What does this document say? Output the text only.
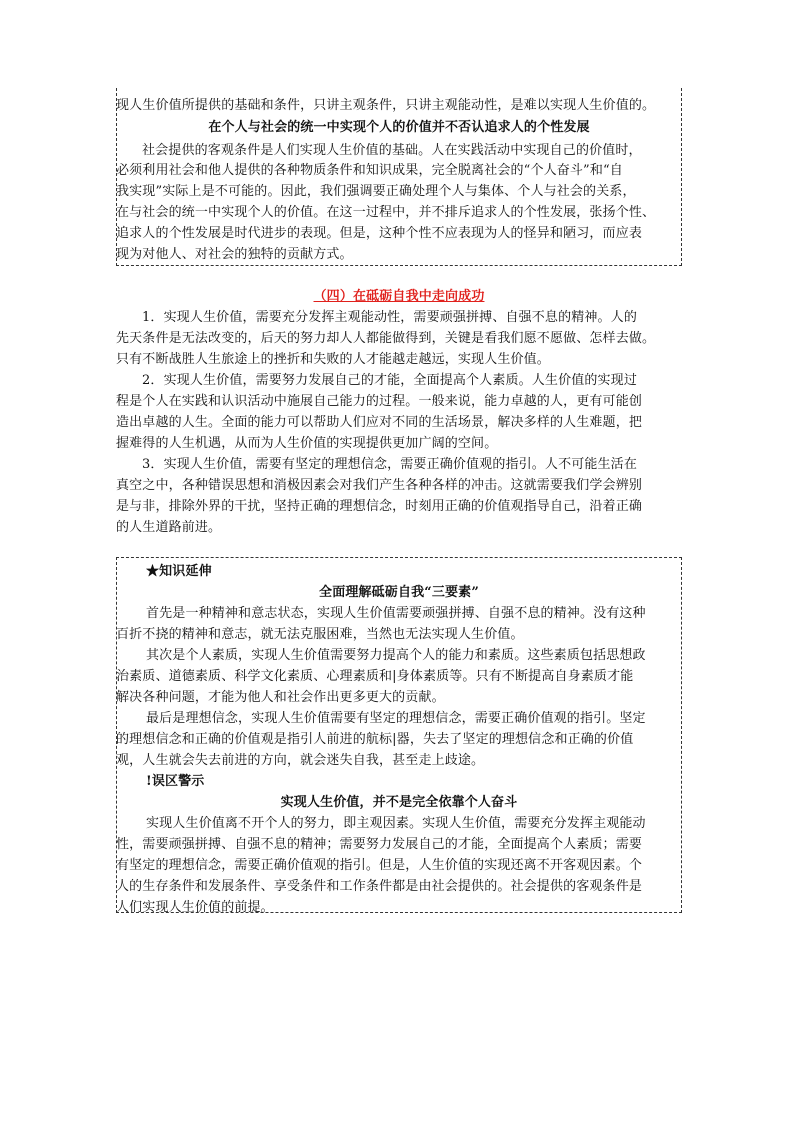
现人生价值所提供的基础和条件，只讲主观条件，只讲主观能动性，是难以实现人生价值的。
在个人与社会的统一中实现个人的价值并不否认追求人的个性发展
社会提供的客观条件是人们实现人生价值的基础。人在实践活动中实现自己的价值时，
必须利用社会和他人提供的各种物质条件和知识成果，完全脱离社会的“个人奋斗”和“自
我实现”实际上是不可能的。因此，我们强调要正确处理个人与集体、个人与社会的关系，
在与社会的统一中实现个人的价值。在这一过程中，并不排斥追求人的个性发展，张扬个性、
追求人的个性发展是时代进步的表现。但是，这种个性不应表现为人的怪异和陋习，而应表
现为对他人、对社会的独特的贡献方式。
（四）在砥砺自我中走向成功
1．实现人生价值，需要充分发挥主观能动性，需要顽强拼搏、自强不息的精神。人的
先天条件是无法改变的，后天的努力却人人都能做得到，关键是看我们愿不愿做、怎样去做。
只有不断战胜人生旅途上的挫折和失败的人才能越走越远，实现人生价值。
2．实现人生价值，需要努力发展自己的才能，全面提高个人素质。人生价值的实现过
程是个人在实践和认识活动中施展自己能力的过程。一般来说，能力卓越的人，更有可能创
造出卓越的人生。全面的能力可以帮助人们应对不同的生活场景，解决多样的人生难题，把
握难得的人生机遇，从而为人生价值的实现提供更加广阔的空间。
3．实现人生价值，需要有坚定的理想信念，需要正确价值观的指引。人不可能生活在
真空之中，各种错误思想和消极因素会对我们产生各种各样的冲击。这就需要我们学会辨别
是与非，排除外界的干扰，坚持正确的理想信念，时刻用正确的价值观指导自己，沿着正确
的人生道路前进。
★知识延伸
全面理解砥砺自我“三要素”
首先是一种精神和意志状态，实现人生价值需要顽强拼搏、自强不息的精神。没有这种
百折不挠的精神和意志，就无法克服困难，当然也无法实现人生价值。
其次是个人素质，实现人生价值需要努力提高个人的能力和素质。这些素质包括思想政
治素质、道德素质、科学文化素质、心理素质和|身体素质等。只有不断提高自身素质才能
解决各种问题，才能为他人和社会作出更多更大的贡献。
最后是理想信念，实现人生价值需要有坚定的理想信念，需要正确价值观的指引。坚定
的理想信念和正确的价值观是指引人前进的航标|器，失去了坚定的理想信念和正确的价值
观，人生就会失去前进的方向，就会迷失自我，甚至走上歧途。
!误区警示
实现人生价值，并不是完全依靠个人奋斗
实现人生价值离不开个人的努力，即主观因素。实现人生价值，需要充分发挥主观能动
性，需要顽强拼搏、自强不息的精神；需要努力发展自己的才能，全面提高个人素质；需要
有坚定的理想信念，需要正确价值观的指引。但是，人生价值的实现还离不开客观因素。个
人的生存条件和发展条件、享受条件和工作条件都是由社会提供的。社会提供的客观条件是
人们实现人生价值的前提。
